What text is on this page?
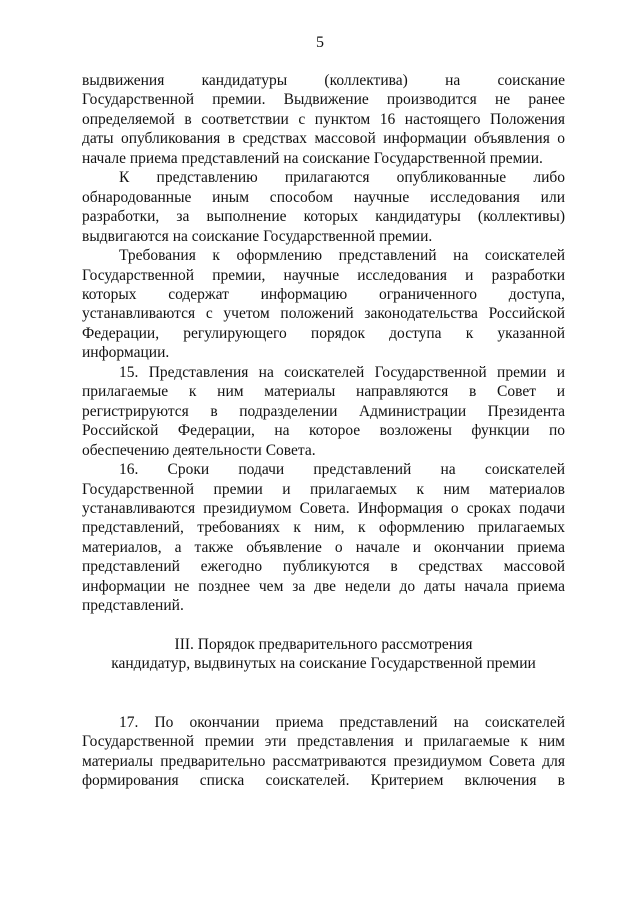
5
выдвижения кандидатуры (коллектива) на соискание
Государственной премии. Выдвижение производится не ранее
определяемой в соответствии с пунктом 16 настоящего Положения
даты опубликования в средствах массовой информации объявления о
начале приема представлений на соискание Государственной премии.
К представлению прилагаются опубликованные либо
обнародованные иным способом научные исследования или
разработки, за выполнение которых кандидатуры (коллективы)
выдвигаются на соискание Государственной премии.
Требования к оформлению представлений на соискателей
Государственной премии, научные исследования и разработки
которых содержат информацию ограниченного доступа,
устанавливаются с учетом положений законодательства Российской
Федерации, регулирующего порядок доступа к указанной
информации.
15. Представления на соискателей Государственной премии и
прилагаемые к ним материалы направляются в Совет и
регистрируются в подразделении Администрации Президента
Российской Федерации, на которое возложены функции по
обеспечению деятельности Совета.
16. Сроки подачи представлений на соискателей
Государственной премии и прилагаемых к ним материалов
устанавливаются президиумом Совета. Информация о сроках подачи
представлений, требованиях к ним, к оформлению прилагаемых
материалов, а также объявление о начале и окончании приема
представлений ежегодно публикуются в средствах массовой
информации не позднее чем за две недели до даты начала приема
представлений.
III. Порядок предварительного рассмотрения
кандидатур, выдвинутых на соискание Государственной премии
17. По окончании приема представлений на соискателей
Государственной премии эти представления и прилагаемые к ним
материалы предварительно рассматриваются президиумом Совета для
формирования списка соискателей. Критерием включения в
